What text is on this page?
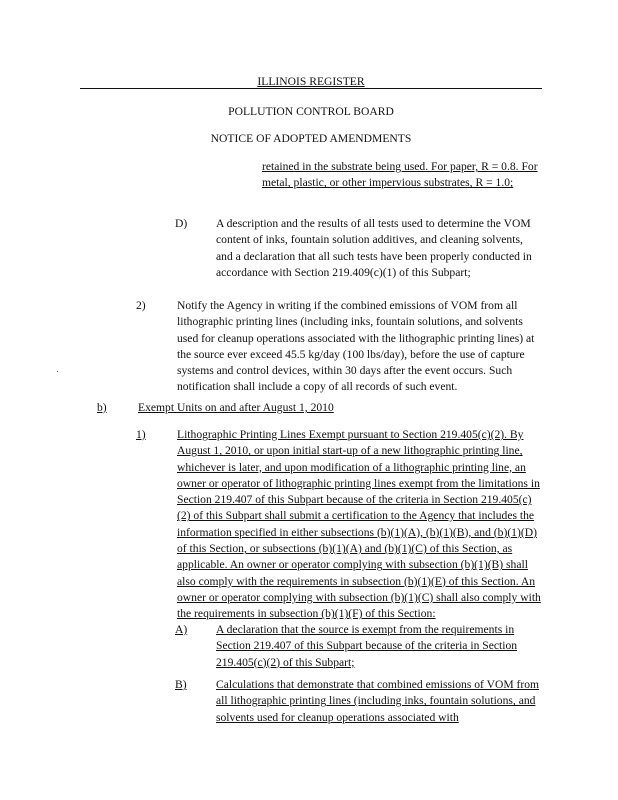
ILLINOIS REGISTER
POLLUTION CONTROL BOARD
NOTICE OF ADOPTED AMENDMENTS
retained in the substrate being used. For paper, R = 0.8. For metal, plastic, or other impervious substrates, R = 1.0;
D) A description and the results of all tests used to determine the VOM content of inks, fountain solution additives, and cleaning solvents, and a declaration that all such tests have been properly conducted in accordance with Section 219.409(c)(1) of this Subpart;
2)	Notify the Agency in writing if the combined emissions of VOM from all lithographic printing lines (including inks, fountain solutions, and solvents used for cleanup operations associated with the lithographic printing lines) at the source ever exceed 45.5 kg/day (100 lbs/day), before the use of capture systems and control devices, within 30 days after the event occurs. Such notification shall include a copy of all records of such event.
b)	Exempt Units on and after August 1, 2010
1)	Lithographic Printing Lines Exempt pursuant to Section 219.405(c)(2). By August 1, 2010, or upon initial start-up of a new lithographic printing line, whichever is later, and upon modification of a lithographic printing line, an owner or operator of lithographic printing lines exempt from the limitations in Section 219.407 of this Subpart because of the criteria in Section 219.405(c)(2) of this Subpart shall submit a certification to the Agency that includes the information specified in either subsections (b)(1)(A), (b)(1)(B), and (b)(1)(D) of this Section, or subsections (b)(1)(A) and (b)(1)(C) of this Section, as applicable. An owner or operator complying with subsection (b)(1)(B) shall also comply with the requirements in subsection (b)(1)(E) of this Section. An owner or operator complying with subsection (b)(1)(C) shall also comply with the requirements in subsection (b)(1)(F) of this Section:
A) A declaration that the source is exempt from the requirements in Section 219.407 of this Subpart because of the criteria in Section 219.405(c)(2) of this Subpart;
B)	Calculations that demonstrate that combined emissions of VOM from all lithographic printing lines (including inks, fountain solutions, and solvents used for cleanup operations associated with
